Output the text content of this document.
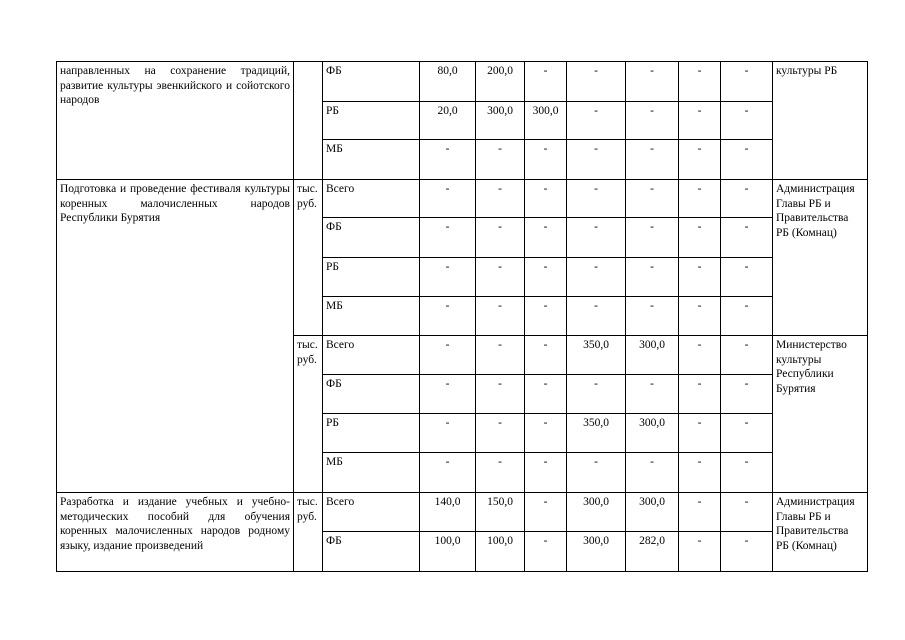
направленных на сохранение традиций, развитие культуры эвенкийского и сойотского народов		ФБ	80,0	200,0	-	-	-	-	-	культуры РБ
		РБ	20,0	300,0	300,0	-	-	-	-	
		МБ	-	-	-	-	-	-	-	
Подготовка и проведение фестиваля культуры коренных малочисленных народов Республики Бурятия	тыс. руб.	Всего	-	-	-	-	-	-	-	Администрация Главы РБ и Правительства РБ (Комнац)
		ФБ	-	-	-	-	-	-	-	
		РБ	-	-	-	-	-	-	-	
		МБ	-	-	-	-	-	-	-	
	тыс. руб.	Всего	-	-	-	350,0	300,0	-	-	Министерство культуры Республики Бурятия
		ФБ	-	-	-	-	-	-	-	
		РБ	-	-	-	350,0	300,0	-	-	
		МБ	-	-	-	-	-	-	-	
Разработка и издание учебных и учебно-методических пособий для обучения коренных малочисленных народов родному языку, издание произведений	тыс. руб.	Всего	140,0	150,0	-	300,0	300,0	-	-	Администрация Главы РБ и Правительства РБ (Комнац)
		ФБ	100,0	100,0	-	300,0	282,0	-	-	
